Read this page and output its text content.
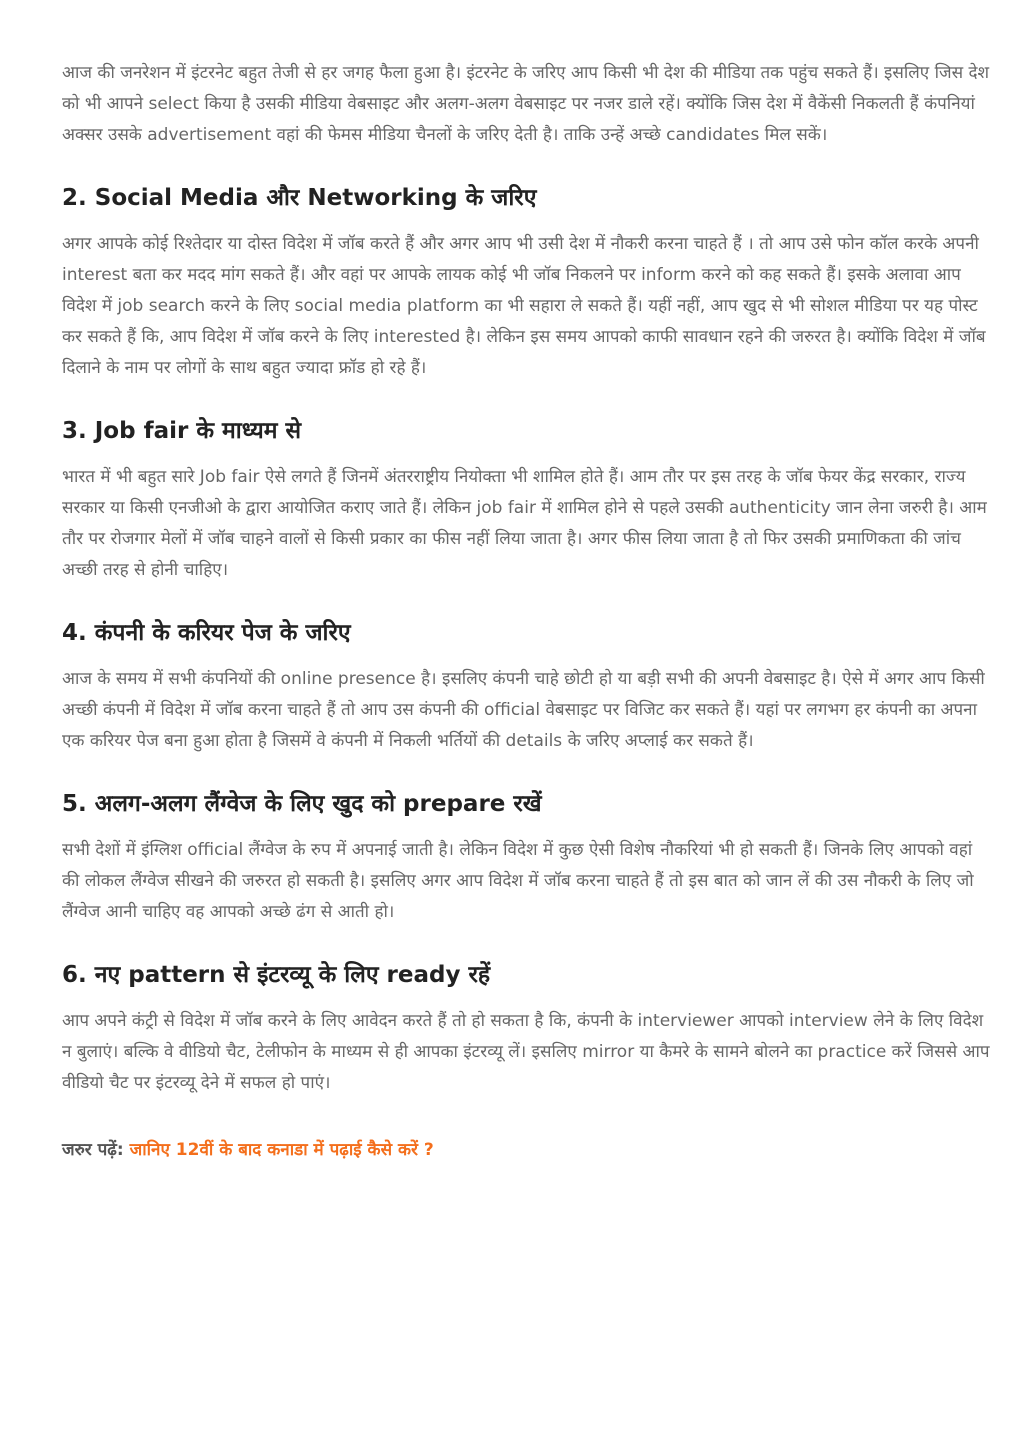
आज की जनरेशन में इंटरनेट बहुत तेजी से हर जगह फैला हुआ है। इंटरनेट के जरिए आप किसी भी देश की मीडिया तक पहुंच सकते हैं। इसलिए जिस देश को भी आपने select किया है उसकी मीडिया वेबसाइट और अलग-अलग वेबसाइट पर नजर डाले रहें। क्योंकि जिस देश में वैकेंसी निकलती हैं कंपनियां अक्सर उसके advertisement वहां की फेमस मीडिया चैनलों के जरिए देती है। ताकि उन्हें अच्छे candidates मिल सकें।

2. Social Media और Networking के जरिए

अगर आपके कोई रिश्तेदार या दोस्त विदेश में जॉब करते हैं और अगर आप भी उसी देश में नौकरी करना चाहते हैं । तो आप उसे फोन कॉल करके अपनी interest बता कर मदद मांग सकते हैं। और वहां पर आपके लायक कोई भी जॉब निकलने पर inform करने को कह सकते हैं। इसके अलावा आप विदेश में job search करने के लिए social media platform का भी सहारा ले सकते हैं। यहीं नहीं, आप खुद से भी सोशल मीडिया पर यह पोस्ट कर सकते हैं कि, आप विदेश में जॉब करने के लिए interested है। लेकिन इस समय आपको काफी सावधान रहने की जरुरत है। क्योंकि विदेश में जॉब दिलाने के नाम पर लोगों के साथ बहुत ज्यादा फ्रॉड हो रहे हैं।

3. Job fair के माध्यम से

भारत में भी बहुत सारे Job fair ऐसे लगते हैं जिनमें अंतरराष्ट्रीय नियोक्ता भी शामिल होते हैं। आम तौर पर इस तरह के जॉब फेयर केंद्र सरकार, राज्य सरकार या किसी एनजीओ के द्वारा आयोजित कराए जाते हैं। लेकिन job fair में शामिल होने से पहले उसकी authenticity जान लेना जरुरी है। आम तौर पर रोजगार मेलों में जॉब चाहने वालों से किसी प्रकार का फीस नहीं लिया जाता है। अगर फीस लिया जाता है तो फिर उसकी प्रमाणिकता की जांच अच्छी तरह से होनी चाहिए।

4. कंपनी के करियर पेज के जरिए

आज के समय में सभी कंपनियों की online presence है। इसलिए कंपनी चाहे छोटी हो या बड़ी सभी की अपनी वेबसाइट है। ऐसे में अगर आप किसी अच्छी कंपनी में विदेश में जॉब करना चाहते हैं तो आप उस कंपनी की official वेबसाइट पर विजिट कर सकते हैं। यहां पर लगभग हर कंपनी का अपना एक करियर पेज बना हुआ होता है जिसमें वे कंपनी में निकली भर्तियों की details के जरिए अप्लाई कर सकते हैं।

5. अलग-अलग लैंग्वेज के लिए खुद को prepare रखें

सभी देशों में इंग्लिश official लैंग्वेज के रुप में अपनाई जाती है। लेकिन विदेश में कुछ ऐसी विशेष नौकरियां भी हो सकती हैं। जिनके लिए आपको वहां की लोकल लैंग्वेज सीखने की जरुरत हो सकती है। इसलिए अगर आप विदेश में जॉब करना चाहते हैं तो इस बात को जान लें की उस नौकरी के लिए जो लैंग्वेज आनी चाहिए वह आपको अच्छे ढंग से आती हो।

6. नए pattern से इंटरव्यू के लिए ready रहें

आप अपने कंट्री से विदेश में जॉब करने के लिए आवेदन करते हैं तो हो सकता है कि, कंपनी के interviewer आपको interview लेने के लिए विदेश न बुलाएं। बल्कि वे वीडियो चैट, टेलीफोन के माध्यम से ही आपका इंटरव्यू लें। इसलिए mirror या कैमरे के सामने बोलने का practice करें जिससे आप वीडियो चैट पर इंटरव्यू देने में सफल हो पाएं।

जरुर पढ़ें: जानिए 12वीं के बाद कनाडा में पढ़ाई कैसे करें ?
